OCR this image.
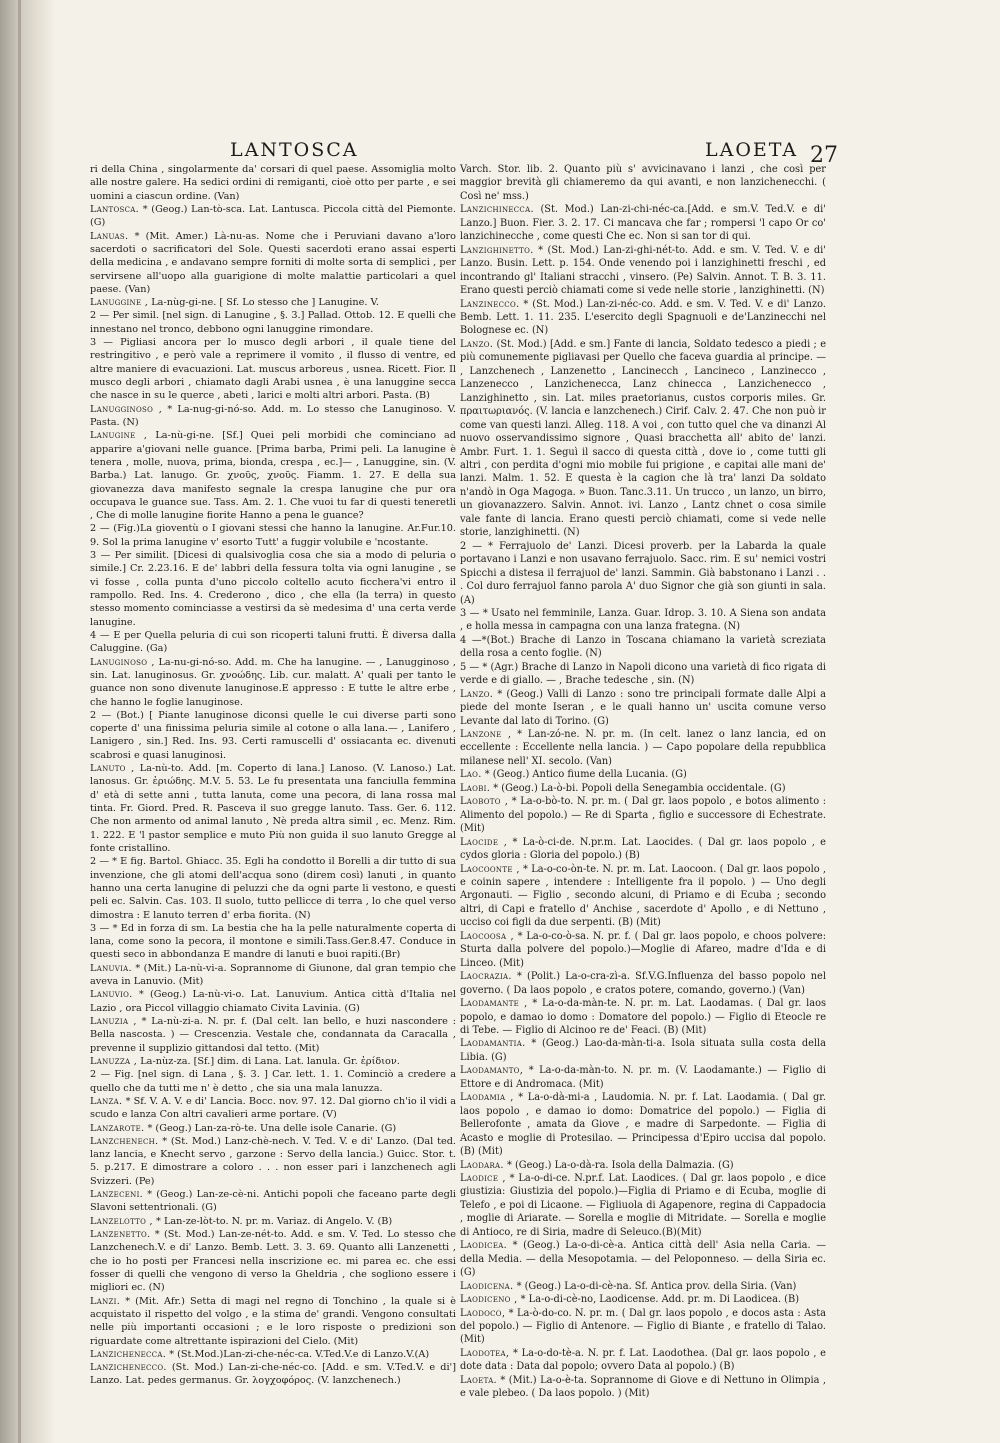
LANTOSCA	LAOETA 27
ri della China , singolarmente da' corsari di quel paese. Assomiglia molto alle nostre galere. Ha sedici ordini di remiganti, cioè otto per parte , e sei uomini a ciascun ordine. (Van)
Lantosca. * (Geog.) Lan-tò-sca. Lat. Lantusca. Piccola città del Piemonte. (G)
Lanuas. * (Mit. Amer.) Là-nu-as. Nome che i Peruviani davano a'loro sacerdoti o sacrificatori del Sole. Questi sacerdoti erano assai esperti della medicina , e andavano sempre forniti di molte sorta di semplici , per servirsene all'uopo alla guarigione di molte malattie particolari a quel paese. (Van)
Lanuggine , La-nùg-gi-ne. [ Sf. Lo stesso che ] Lanugine. V.
2 — Per simil. [nel sign. di Lanugine , §. 3.] Pallad. Ottob. 12. E quelli che innestano nel tronco, debbono ogni lanuggine rimondare.
3 — Pigliasi ancora per lo musco degli arbori , il quale tiene del restringitivo , e però vale a reprimere il vomito , il flusso di ventre, ed altre maniere di evacuazioni. Lat. muscus arboreus , usnea. Ricett. Fior. Il musco degli arbori , chiamato dagli Arabi usnea , è una lanuggine secca che nasce in su le querce , abeti , larici e molti altri arbori. Pasta. (B)
Lanugginoso , * La-nug-gi-nó-so. Add. m. Lo stesso che Lanuginoso. V. Pasta. (N)
Lanugine , La-nù-gi-ne. [Sf.] Quei peli morbidi che cominciano ad apparire a'giovani nelle guance. [Prima barba, Primi peli. La lanugine è tenera , molle, nuova, prima, bionda, crespa , ec.]— , Lanuggine, sin. (V. Barba.) Lat. lanugo. Gr. χνοῦς, χνοῦς. Fiamm. 1. 27. E della sua giovanezza dava manifesto segnale la crespa lanugine che pur ora occupava le guance sue. Tass. Am. 2. 1. Che vuoi tu far di questi teneretli , Che di molle lanugine fiorite Hanno a pena le guance?
2 — (Fig.)La gioventù o I giovani stessi che hanno la lanugine. Ar.Fur.10. 9. Sol la prima lanugine v' esorto Tutt' a fuggir volubile e 'ncostante.
3 — Per similit. [Dicesi di qualsivoglia cosa che sia a modo di peluria o simile.] Cr. 2.23.16. E de' labbri della fessura tolta via ogni lanugine , se vi fosse , colla punta d'uno piccolo coltello acuto ficchera'vi entro il rampollo. Red. Ins. 4. Crederono , dico , che ella (la terra) in questo stesso momento cominciasse a vestirsi da sè medesima d' una certa verde lanugine.
4 — E per Quella peluria di cui son ricoperti taluni frutti. È diversa dalla Caluggine. (Ga)
Lanuginoso , La-nu-gi-nó-so. Add. m. Che ha lanugine. — , Lanugginoso , sin. Lat. lanuginosus. Gr. χνοώδης. Lib. cur. malatt. A' quali per tanto le guance non sono divenute lanuginose.E appresso : E tutte le altre erbe , che hanno le foglie lanuginose.
2 — (Bot.) [ Piante lanuginose diconsi quelle le cui diverse parti sono coperte d' una finissima peluria simile al cotone o alla lana.— , Lanifero , Lanigero , sin.] Red. Ins. 93. Certi ramuscelli d' ossiacanta ec. divenuti scabrosi e quasi lanuginosi.
Lanuto , La-nù-to. Add. [m. Coperto di lana.] Lanoso. (V. Lanoso.) Lat. lanosus. Gr. ἐριώδης. M.V. 5. 53. Le fu presentata una fanciulla femmina d' età di sette anni , tutta lanuta, come una pecora, di lana rossa mal tinta. Fr. Giord. Pred. R. Pasceva il suo gregge lanuto. Tass. Ger. 6. 112. Che non armento od animal lanuto , Nè preda altra simil , ec. Menz. Rim. 1. 222. E 'l pastor semplice e muto Più non guida il suo lanuto Gregge al fonte cristallino.
2 — * E fig. Bartol. Ghiacc. 35. Egli ha condotto il Borelli a dir tutto di sua invenzione, che gli atomi dell'acqua sono (direm così) lanuti , in quanto hanno una certa lanugine di peluzzi che da ogni parte li vestono, e questi peli ec. Salvin. Cas. 103. Il suolo, tutto pellicce di terra , lo che quel verso dimostra : E lanuto terren d' erba fiorita. (N)
3 — * Ed in forza di sm. La bestia che ha la pelle naturalmente coperta di lana, come sono la pecora, il montone e simili.Tass.Ger.8.47. Conduce in questi seco in abbondanza E mandre di lanuti e buoi rapiti.(Br)
Lanuvia. * (Mit.) La-nù-vi-a. Soprannome di Giunone, dal gran tempio che aveva in Lanuvio. (Mit)
Lanuvio. * (Geog.) La-nù-vi-o. Lat. Lanuvium. Antica città d'Italia nel Lazio , ora Piccol villaggio chiamato Civita Lavinia. (G)
Lanuzia , * La-nù-zi-a. N. pr. f. (Dal celt. lan bello, e huzi nascondere : Bella nascosta. ) — Crescenzia. Vestale che, condannata da Caracalla , prevenne il supplizio gittandosi dal tetto. (Mit)
Lanuzza , La-nùz-za. [Sf.] dim. di Lana. Lat. lanula. Gr. ἐρίδιον.
2 — Fig. [nel sign. di Lana , §. 3. ] Car. lett. 1. 1. Cominciò a credere a quello che da tutti me n' è detto , che sia una mala lanuzza.
Lanza. * Sf. V. A. V. e di' Lancia. Bocc. nov. 97. 12. Dal giorno ch'io il vidi a scudo e lanza Con altri cavalieri arme portare. (V)
Lanzarote. * (Geog.) Lan-za-rò-te. Una delle isole Canarie. (G)
Lanzchenech. * (St. Mod.) Lanz-chè-nech. V. Ted. V. e di' Lanzo. (Dal ted. lanz lancia, e Knecht servo , garzone : Servo della lancia.) Guicc. Stor. t. 5. p.217. E dimostrare a coloro . . . non esser pari i lanzchenech agli Svizzeri. (Pe)
Lanzeceni. * (Geog.) Lan-ze-cè-ni. Antichi popoli che faceano parte degli Slavoni settentrionali. (G)
Lanzelotto , * Lan-ze-lòt-to. N. pr. m. Variaz. di Angelo. V. (B)
Lanzenetto. * (St. Mod.) Lan-ze-nét-to. Add. e sm. V. Ted. Lo stesso che Lanzchenech.V. e di' Lanzo. Bemb. Lett. 3. 3. 69. Quanto alli Lanzenetti , che io ho posti per Francesi nella inscrizione ec. mi parea ec. che essi fosser di quelli che vengono di verso la Gheldria , che sogliono essere i migliori ec. (N)
Lanzi. * (Mit. Afr.) Setta di magi nel regno di Tonchino , la quale si è acquistato il rispetto del volgo , e la stima de' grandi. Vengono consultati nelle più importanti occasioni ; e le loro risposte o predizioni son riguardate come altrettante ispirazioni del Cielo. (Mit)
Lanzichenecca. * (St.Mod.)Lan-zi-che-néc-ca. V.Ted.V.e di Lanzo.V.(A)
Lanzichenecco. (St. Mod.) Lan-zi-che-néc-co. [Add. e sm. V.Ted.V. e di'] Lanzo. Lat. pedes germanus. Gr. λογχοφόρος. (V. lanzchenech.)
Varch. Stor. lib. 2. Quanto più s' avvicinavano i lanzi , che così per maggior brevità gli chiameremo da qui avanti, e non lanzichenecchi. ( Così ne' mss.)
Lanzichinecca. (St. Mod.) Lan-zi-chi-néc-ca.[Add. e sm.V. Ted.V. e di' Lanzo.] Buon. Fier. 3. 2. 17. Ci mancava che far ; rompersi 'l capo Or co' lanzichinecche , come questi Che ec. Non si san tor di qui.
Lanzighinetto. * (St. Mod.) Lan-zi-ghi-nét-to. Add. e sm. V. Ted. V. e di' Lanzo. Busin. Lett. p. 154. Onde venendo poi i lanzighinetti freschi , ed incontrando gl' Italiani stracchi , vinsero. (Pe) Salvin. Annot. T. B. 3. 11. Erano questi perciò chiamati come si vede nelle storie , lanzighinetti. (N)
Lanzinecco. * (St. Mod.) Lan-zi-néc-co. Add. e sm. V. Ted. V. e di' Lanzo. Bemb. Lett. 1. 11. 235. L'esercito degli Spagnuoli e de'Lanzinecchi nel Bolognese ec. (N)
Lanzo. (St. Mod.) [Add. e sm.] Fante di lancia, Soldato tedesco a piedi ; e più comunemente pigliavasi per Quello che faceva guardia al principe. — , Lanzchenech , Lanzenetto , Lancinecch , Lancineco , Lanzinecco , Lanzenecco , Lanzichenecca, Lanz chinecca , Lanzichenecco , Lanzighinetto , sin. Lat. miles praetorianus, custos corporis miles. Gr. πραιτωριανός. (V. lancia e lanzchenech.) Cirif. Calv. 2. 47. Che non può ir come van questi lanzi. Alleg. 118. A voi , con tutto quel che va dinanzi Al nuovo osservandissimo signore , Quasi bracchetta all' abito de' lanzi. Ambr. Furt. 1. 1. Seguì il sacco di questa città , dove io , come tutti gli altri , con perdita d'ogni mio mobile fui prigione , e capitai alle mani de' lanzi. Malm. 1. 52. E questa è la cagion che là tra' lanzi Da soldato n'andò in Oga Magoga. » Buon. Tanc.3.11. Un trucco , un lanzo, un birro, un giovanazzero. Salvin. Annot. ivi. Lanzo , Lantz chnet o cosa simile vale fante di lancia. Erano questi perciò chiamati, come si vede nelle storie, lanzighinetti. (N)
2 — * Ferrajuolo de' Lanzi. Dicesi proverb. per la Labarda la quale portavano i Lanzi e non usavano ferrajuolo. Sacc. rim. E su' nemici vostri Spicchi a distesa il ferrajuol de' lanzi. Sammin. Già babstonano i Lanzi . . . Col duro ferrajuol fanno parola A' duo Signor che già son giunti in sala. (A)
3 — * Usato nel femminile, Lanza. Guar. Idrop. 3. 10. A Siena son andata , e holla messa in campagna con una lanza frategna. (N)
4 —*(Bot.) Brache di Lanzo in Toscana chiamano la varietà screziata della rosa a cento foglie. (N)
5 — * (Agr.) Brache di Lanzo in Napoli dicono una varietà di fico rigata di verde e di giallo. — , Brache tedesche , sin. (N)
Lanzo. * (Geog.) Valli di Lanzo : sono tre principali formate dalle Alpi a piede del monte Iseran , e le quali hanno un' uscita comune verso Levante dal lato di Torino. (G)
Lanzone , * Lan-zó-ne. N. pr. m. (In celt. lanez o lanz lancia, ed on eccellente : Eccellente nella lancia. ) — Capo popolare della repubblica milanese nell' XI. secolo. (Van)
Lao. * (Geog.) Antico fiume della Lucania. (G)
Laobi. * (Geog.) La-ò-bi. Popoli della Senegambia occidentale. (G)
Laoboto , * La-o-bò-to. N. pr. m. ( Dal gr. laos popolo , e botos alimento : Alimento del popolo.) — Re di Sparta , figlio e successore di Echestrate. (Mit)
Laocide , * La-ò-ci-de. N.pr.m. Lat. Laocides. ( Dal gr. laos popolo , e cydos gloria : Gloria del popolo.) (B)
Laocoonte , * La-o-co-òn-te. N. pr. m. Lat. Laocoon. ( Dal gr. laos popolo , e coinin sapere , intendere : Intelligente fra il popolo. ) — Uno degli Argonauti. — Figlio , secondo alcuni, di Priamo e di Ecuba ; secondo altri, di Capi e fratello d' Anchise , sacerdote d' Apollo , e di Nettuno , ucciso coi figli da due serpenti. (B) (Mit)
Laocoosa , * La-o-co-ò-sa. N. pr. f. ( Dal gr. laos popolo, e choos polvere: Sturta dalla polvere del popolo.)—Moglie di Afareo, madre d'Ida e di Linceo. (Mit)
Laocrazia. * (Polit.) La-o-cra-zì-a. Sf.V.G.Influenza del basso popolo nel governo. ( Da laos popolo , e cratos potere, comando, governo.) (Van)
Laodamante , * La-o-da-màn-te. N. pr. m. Lat. Laodamas. ( Dal gr. laos popolo, e damao io domo : Domatore del popolo.) — Figlio di Eteocle re di Tebe. — Figlio di Alcinoo re de' Feaci. (B) (Mit)
Laodamantia. * (Geog.) Lao-da-màn-ti-a. Isola situata sulla costa della Libia. (G)
Laodamanto, * La-o-da-màn-to. N. pr. m. (V. Laodamante.) — Figlio di Ettore e di Andromaca. (Mit)
Laodamia , * La-o-dà-mi-a , Laudomia. N. pr. f. Lat. Laodamia. ( Dal gr. laos popolo , e damao io domo: Domatrice del popolo.) — Figlia di Bellerofonte , amata da Giove , e madre di Sarpedonte. — Figlia di Acasto e moglie di Protesilao. — Principessa d'Epiro uccisa dal popolo. (B) (Mit)
Laodara. * (Geog.) La-o-dà-ra. Isola della Dalmazia. (G)
Laodice , * La-o-di-ce. N.pr.f. Lat. Laodices. ( Dal gr. laos popolo , e dice giustizia: Giustizia del popolo.)—Figlia di Priamo e di Ecuba, moglie di Telefo , e poi di Licaone. — Figliuola di Agapenore, regina di Cappadocia , moglie di Ariarate. — Sorella e moglie di Mitridate. — Sorella e moglie di Antioco, re di Siria, madre di Seleuco.(B)(Mit)
Laodicea. * (Geog.) La-o-di-cè-a. Antica città dell' Asia nella Caria. — della Media. — della Mesopotamia. — del Peloponneso. — della Siria ec. (G)
Laodicena. * (Geog.) La-o-di-cè-na. Sf. Antica prov. della Siria. (Van)
Laodiceno , * La-o-di-cè-no, Laodicense. Add. pr. m. Di Laodicea. (B)
Laodoco, * La-ò-do-co. N. pr. m. ( Dal gr. laos popolo , e docos asta : Asta del popolo.) — Figlio di Antenore. — Figlio di Biante , e fratello di Talao. (Mit)
Laodotea, * La-o-do-tè-a. N. pr. f. Lat. Laodothea. (Dal gr. laos popolo , e dote data : Data dal popolo; ovvero Data al popolo.) (B)
Laoeta. * (Mit.) La-o-è-ta. Soprannome di Giove e di Nettuno in Olimpia , e vale plebeo. ( Da laos popolo. ) (Mit)
